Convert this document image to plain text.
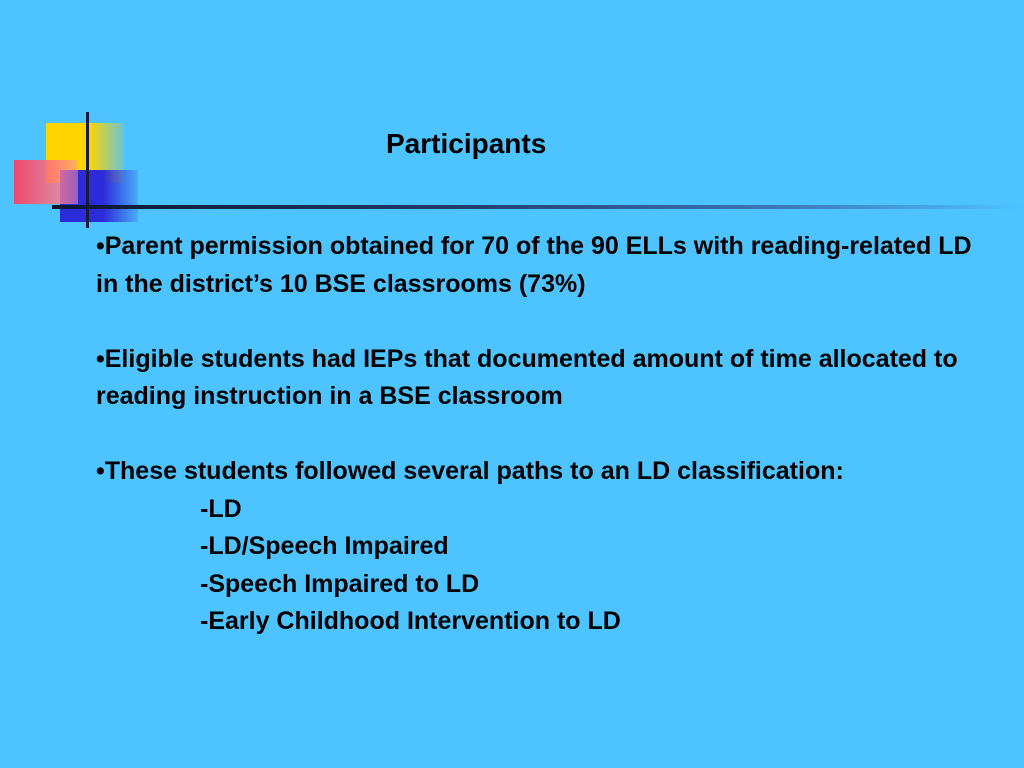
Participants

•Parent permission obtained for 70 of the 90 ELLs with reading-related LD in the district’s 10 BSE classrooms (73%)

•Eligible students had IEPs that documented amount of time allocated to reading instruction in a BSE classroom

•These students followed several paths to an LD classification:
-LD
-LD/Speech Impaired
-Speech Impaired to LD
-Early Childhood Intervention to LD
